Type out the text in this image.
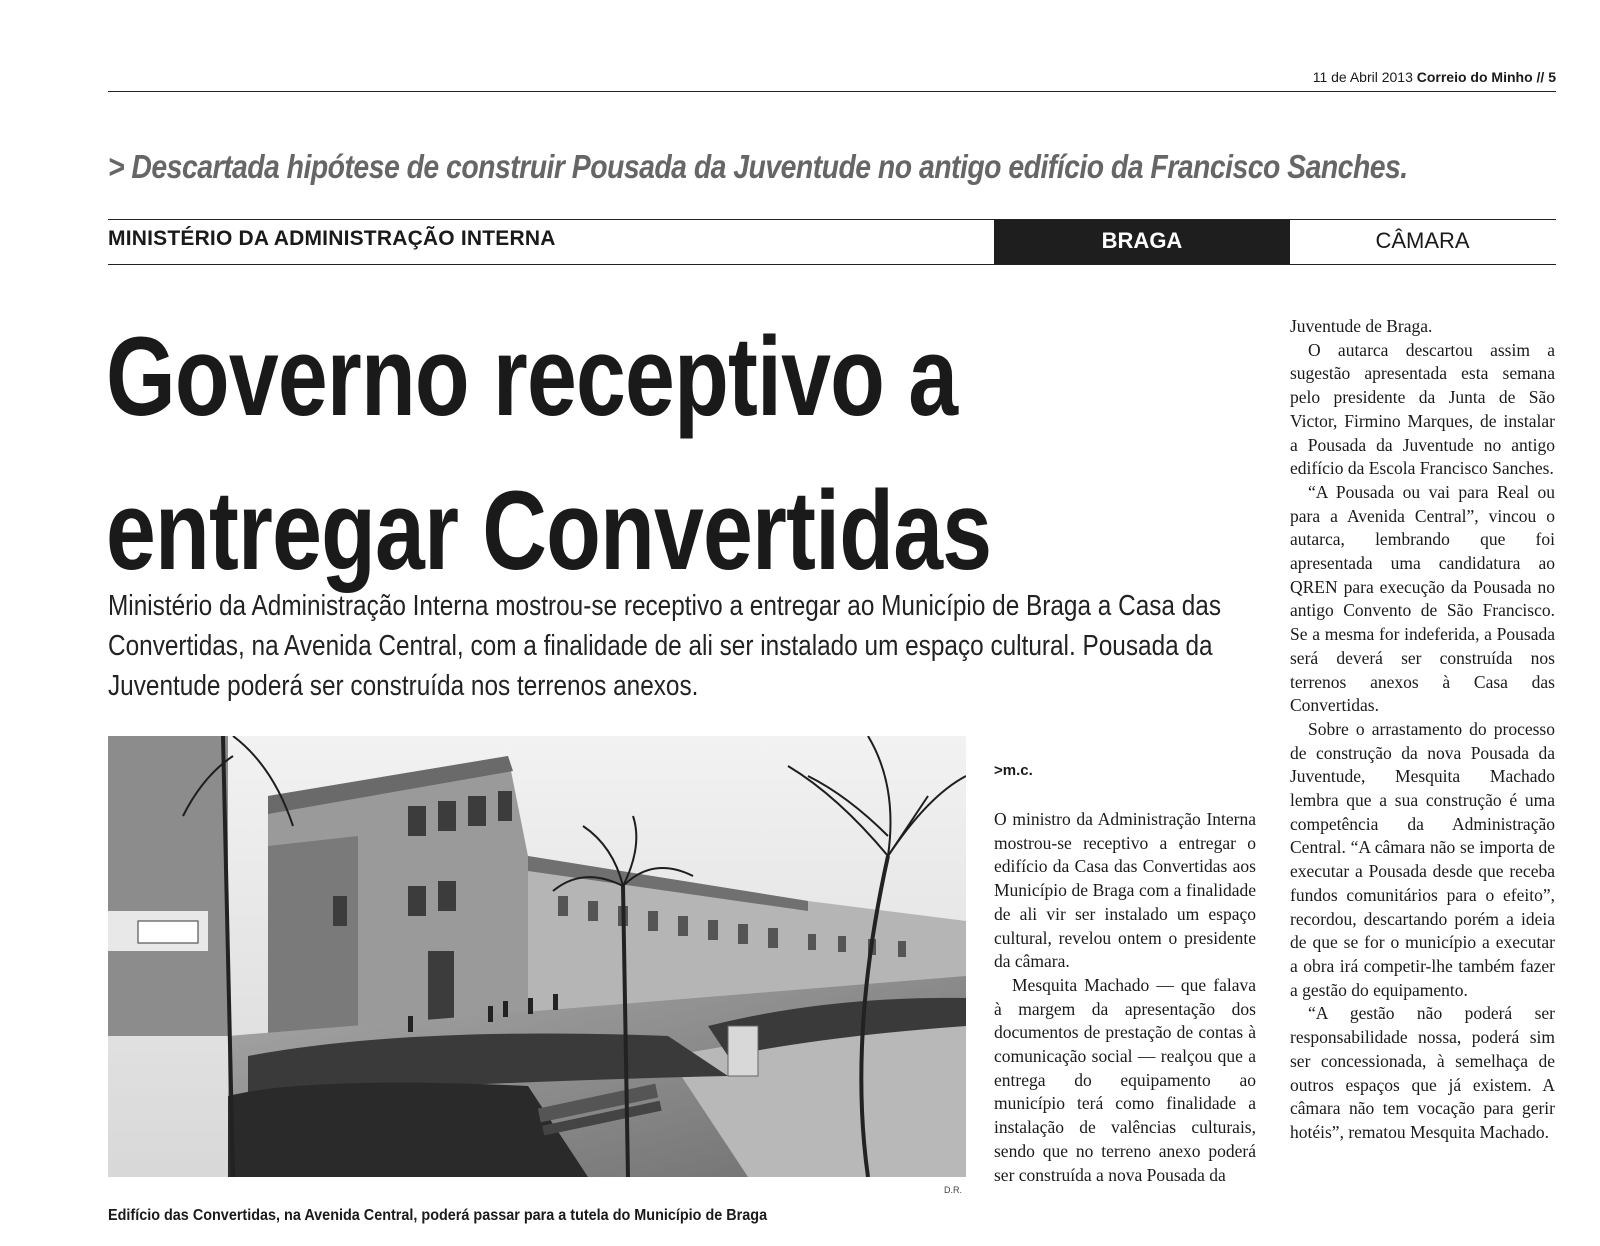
11 de Abril 2013 Correio do Minho // 5
> Descartada hipótese de construir Pousada da Juventude no antigo edifício da Francisco Sanches.
MINISTÉRIO DA ADMINISTRAÇÃO INTERNA	BRAGA	CÂMARA
Governo receptivo a
entregar Convertidas
Ministério da Administração Interna mostrou-se receptivo a entregar ao Município de Braga a Casa das Convertidas, na Avenida Central, com a finalidade de ali ser instalado um espaço cultural. Pousada da Juventude poderá ser construída nos terrenos anexos.
D.R.
Edifício das Convertidas, na Avenida Central, poderá passar para a tutela do Município de Braga
>m.c.

O ministro da Administração Interna mostrou-se receptivo a entregar o edifício da Casa das Convertidas aos Município de Braga com a finalidade de ali vir ser instalado um espaço cultural, revelou ontem o presidente da câmara.

Mesquita Machado — que falava à margem da apresentação dos documentos de prestação de contas à comunicação social — realçou que a entrega do equipamento ao município terá como finalidade a instalação de valências culturais, sendo que no terreno anexo poderá ser construída a nova Pousada da

Juventude de Braga.

O autarca descartou assim a sugestão apresentada esta semana pelo presidente da Junta de São Victor, Firmino Marques, de instalar a Pousada da Juventude no antigo edifício da Escola Francisco Sanches.

“A Pousada ou vai para Real ou para a Avenida Central”, vincou o autarca, lembrando que foi apresentada uma candidatura ao QREN para execução da Pousada no antigo Convento de São Francisco. Se a mesma for indeferida, a Pousada será deverá ser construída nos terrenos anexos à Casa das Convertidas.

Sobre o arrastamento do processo de construção da nova Pousada da Juventude, Mesquita Machado lembra que a sua construção é uma competência da Administração Central. “A câmara não se importa de executar a Pousada desde que receba fundos comunitários para o efeito”, recordou, descartando porém a ideia de que se for o município a executar a obra irá competir-lhe também fazer a gestão do equipamento.

“A gestão não poderá ser responsabilidade nossa, poderá sim ser concessionada, à semelhaça de outros espaços que já existem. A câmara não tem vocação para gerir hotéis”, rematou Mesquita Machado.
